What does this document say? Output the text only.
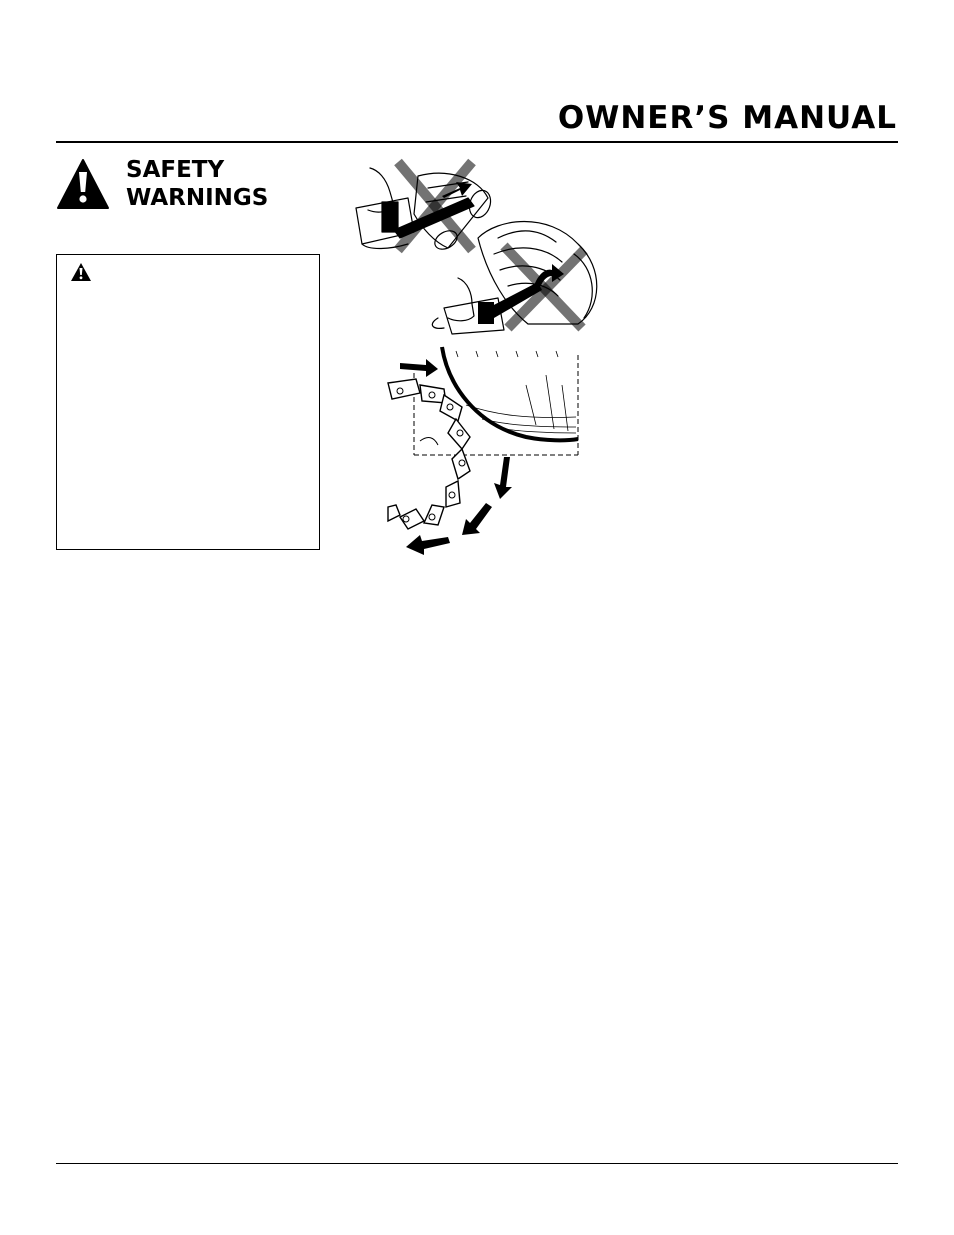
OWNER’S MANUAL
SAFETY
WARNINGS
